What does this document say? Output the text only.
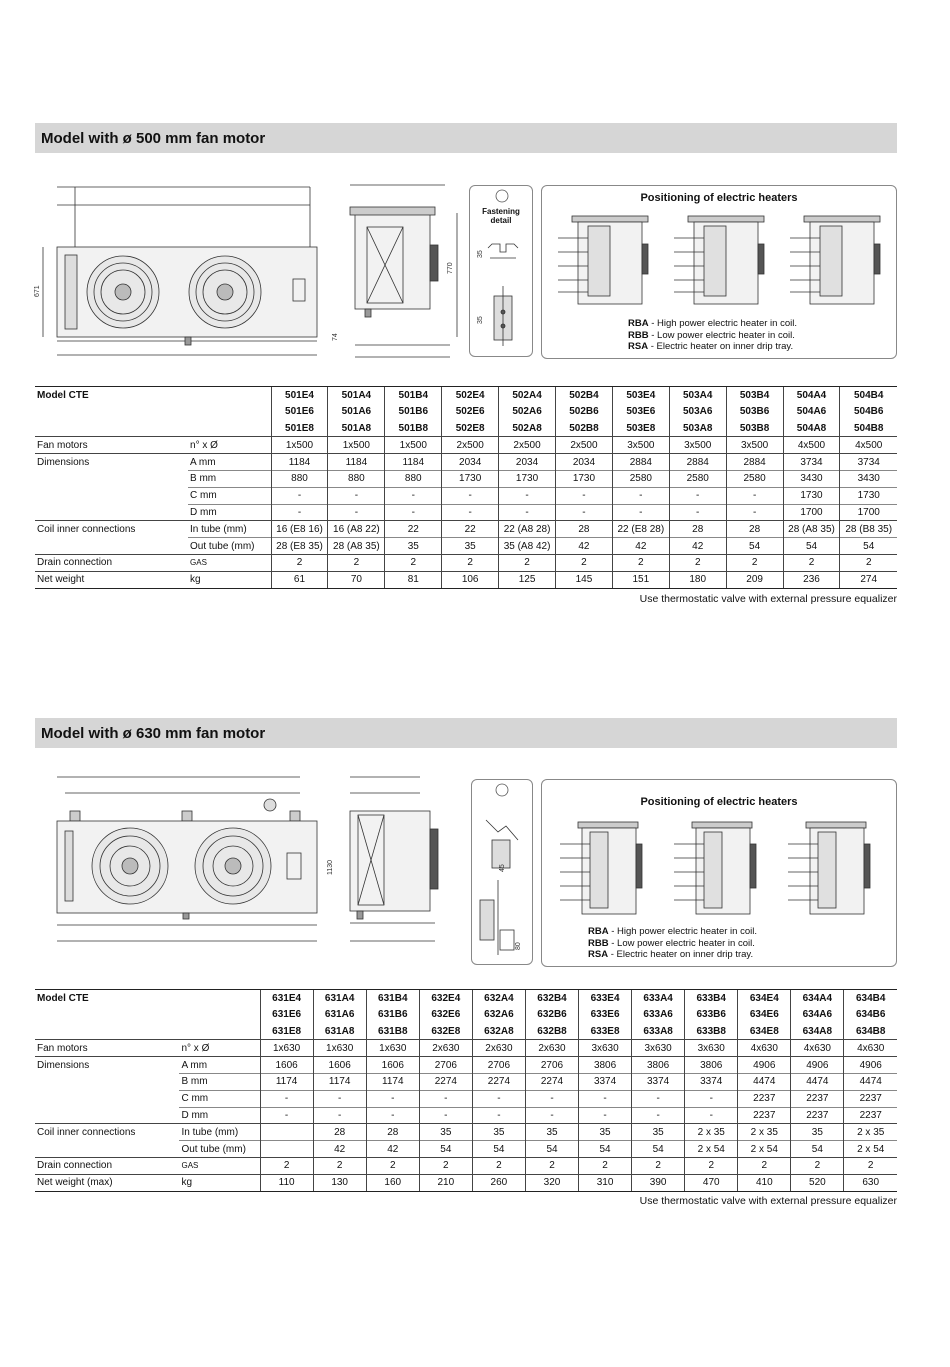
Model with ø 500 mm fan motor
671
770
74
35
35
Fastening detail
Positioning of electric heaters
RBA - High power electric heater in coil.
RBB - Low power electric heater in coil.
RSA - Electric heater on inner drip tray.
Model CTE		501E4	501A4	501B4	502E4	502A4	502B4	503E4	503A4	503B4	504A4	504B4
		501E6	501A6	501B6	502E6	502A6	502B6	503E6	503A6	503B6	504A6	504B6
		501E8	501A8	501B8	502E8	502A8	502B8	503E8	503A8	503B8	504A8	504B8
Fan motors	n° x Ø	1x500	1x500	1x500	2x500	2x500	2x500	3x500	3x500	3x500	4x500	4x500
Dimensions	A mm	1184	1184	1184	2034	2034	2034	2884	2884	2884	3734	3734
	B mm	880	880	880	1730	1730	1730	2580	2580	2580	3430	3430
	C mm	-	-	-	-	-	-	-	-	-	1730	1730
	D mm	-	-	-	-	-	-	-	-	-	1700	1700
Coil inner connections	In tube (mm)	16 (E8 16)	16 (A8 22)	22	22	22 (A8 28)	28	22 (E8 28)	28	28	28 (A8 35)	28 (B8 35)
	Out tube (mm)	28 (E8 35)	28 (A8 35)	35	35	35 (A8 42)	42	42	42	54	54	54
Drain connection	GAS	2	2	2	2	2	2	2	2	2	2	2
Net weight	kg	61	70	81	106	125	145	151	180	209	236	274
Use thermostatic valve with external pressure equalizer
Model with ø 630 mm fan motor
1130	45
80
Positioning of electric heaters
RBA - High power electric heater in coil.
RBB - Low power electric heater in coil.
RSA - Electric heater on inner drip tray.
Model CTE		631E4	631A4	631B4	632E4	632A4	632B4	633E4	633A4	633B4	634E4	634A4	634B4
		631E6	631A6	631B6	632E6	632A6	632B6	633E6	633A6	633B6	634E6	634A6	634B6
		631E8	631A8	631B8	632E8	632A8	632B8	633E8	633A8	633B8	634E8	634A8	634B8
Fan motors	n° x Ø	1x630	1x630	1x630	2x630	2x630	2x630	3x630	3x630	3x630	4x630	4x630	4x630
Dimensions	A mm	1606	1606	1606	2706	2706	2706	3806	3806	3806	4906	4906	4906
	B mm	1174	1174	1174	2274	2274	2274	3374	3374	3374	4474	4474	4474
	C mm	-	-	-	-	-	-	-	-	-	2237	2237	2237
	D mm	-	-	-	-	-	-	-	-	-	2237	2237	2237
Coil inner connections	In tube (mm)		28	28	35	35	35	35	35	2 x 35	2 x 35	35	2 x 35
	Out tube (mm)		42	42	54	54	54	54	54	2 x 54	2 x 54	54	2 x 54
Drain connection	GAS	2	2	2	2	2	2	2	2	2	2	2	2
Net weight (max)	kg	110	130	160	210	260	320	310	390	470	410	520	630
Use thermostatic valve with external pressure equalizer
